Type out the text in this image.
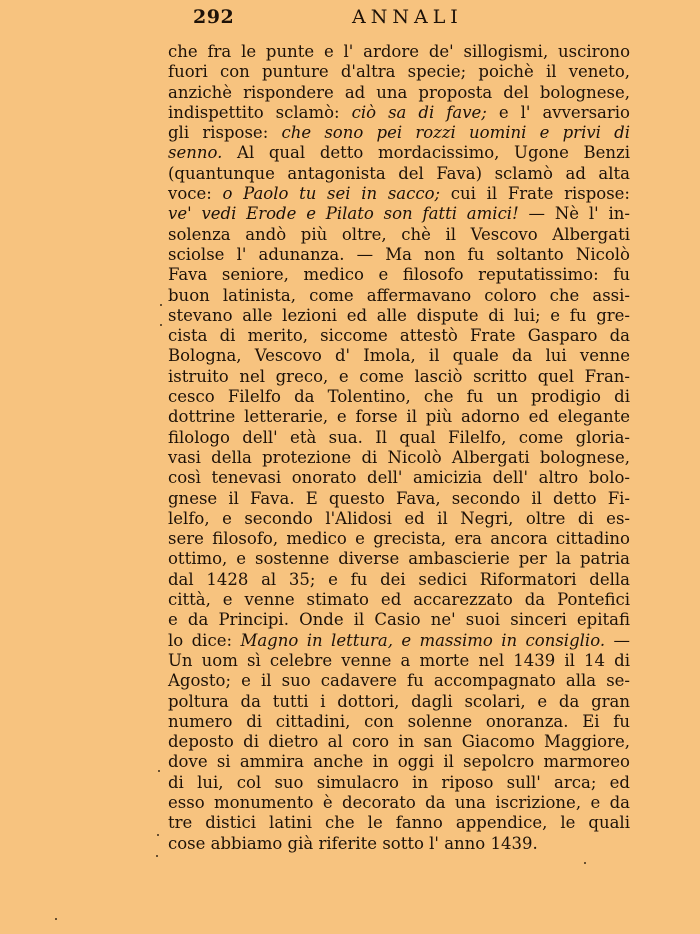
292	ANNALI
che fra le punte e l' ardore de' sillogismi, uscirono
fuori con punture d'altra specie; poichè il veneto,
anzichè rispondere ad una proposta del bolognese,
indispettito sclamò: ciò sa di fave; e l' avversario
gli rispose: che sono pei rozzi uomini e privi di
senno. Al qual detto mordacissimo, Ugone Benzi
(quantunque antagonista del Fava) sclamò ad alta
voce: o Paolo tu sei in sacco; cui il Frate rispose:
ve' vedi Erode e Pilato son fatti amici! — Nè l' in-
solenza andò più oltre, chè il Vescovo Albergati
sciolse l' adunanza. — Ma non fu soltanto Nicolò
Fava seniore, medico e filosofo reputatissimo: fu
buon latinista, come affermavano coloro che assi-
stevano alle lezioni ed alle dispute di lui; e fu gre-
cista di merito, siccome attestò Frate Gasparo da
Bologna, Vescovo d' Imola, il quale da lui venne
istruito nel greco, e come lasciò scritto quel Fran-
cesco Filelfo da Tolentino, che fu un prodigio di
dottrine letterarie, e forse il più adorno ed elegante
filologo dell' età sua. Il qual Filelfo, come gloria-
vasi della protezione di Nicolò Albergati bolognese,
così tenevasi onorato dell' amicizia dell' altro bolo-
gnese il Fava. E questo Fava, secondo il detto Fi-
lelfo, e secondo l'Alidosi ed il Negri, oltre di es-
sere filosofo, medico e grecista, era ancora cittadino
ottimo, e sostenne diverse ambascierie per la patria
dal 1428 al 35; e fu dei sedici Riformatori della
città, e venne stimato ed accarezzato da Pontefici
e da Principi. Onde il Casio ne' suoi sinceri epitafi
lo dice: Magno in lettura, e massimo in consiglio. —
Un uom sì celebre venne a morte nel 1439 il 14 di
Agosto; e il suo cadavere fu accompagnato alla se-
poltura da tutti i dottori, dagli scolari, e da gran
numero di cittadini, con solenne onoranza. Ei fu
deposto di dietro al coro in san Giacomo Maggiore,
dove si ammira anche in oggi il sepolcro marmoreo
di lui, col suo simulacro in riposo sull' arca; ed
esso monumento è decorato da una iscrizione, e da
tre distici latini che le fanno appendice, le quali
cose abbiamo già riferite sotto l' anno 1439.
